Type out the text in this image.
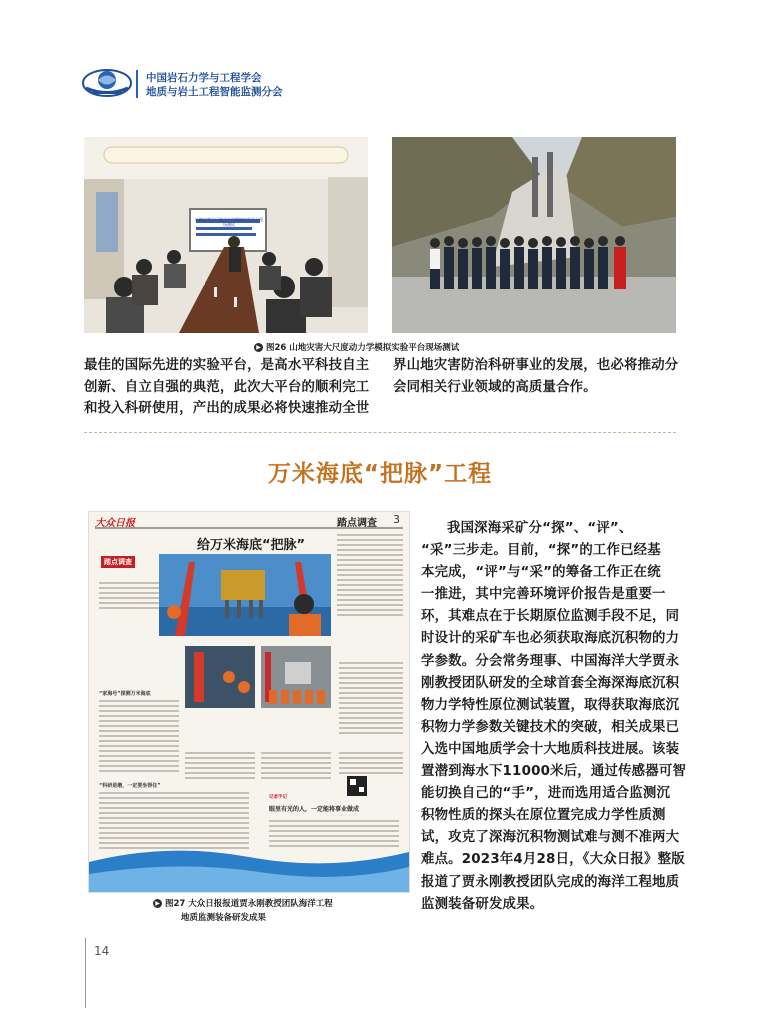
中国岩石力学与工程学会
地质与岩土工程智能监测分会
山地灾害大尺度动力学模拟实验平台现场测试
▶ 图26 山地灾害大尺度动力学模拟实验平台现场测试
最佳的国际先进的实验平台，是高水平科技自主
创新、自立自强的典范，此次大平台的顺利完工
和投入科研使用，产出的成果必将快速推动全世
界山地灾害防治科研事业的发展，也必将推动分
会同相关行业领域的高质量合作。
万米海底“把脉”工程
大众日报	踏点调查 3
给万米海底“把脉”
踏点调查
“家海号”探测万米海底
“科研是磨，一定要坐得住”
记者手记
眼里有光的人，一定能将事业做成
▶ 图27 大众日报报道贾永刚教授团队海洋工程
地质监测装备研发成果
我国深海采矿分“探”、“评”、
“采”三步走。目前，“探”的工作已经基
本完成，“评”与“采”的筹备工作正在统
一推进，其中完善环境评价报告是重要一
环，其难点在于长期原位监测手段不足，同
时设计的采矿车也必须获取海底沉积物的力
学参数。分会常务理事、中国海洋大学贾永
刚教授团队研发的全球首套全海深海底沉积
物力学特性原位测试装置，取得获取海底沉
积物力学参数关键技术的突破，相关成果已
入选中国地质学会十大地质科技进展。该装
置潜到海水下11000米后，通过传感器可智
能切换自己的“手”，进而选用适合监测沉
积物性质的探头在原位置完成力学性质测
试，攻克了深海沉积物测试难与测不准两大
难点。2023年4月28日，《大众日报》整版
报道了贾永刚教授团队完成的海洋工程地质
监测装备研发成果。
14
